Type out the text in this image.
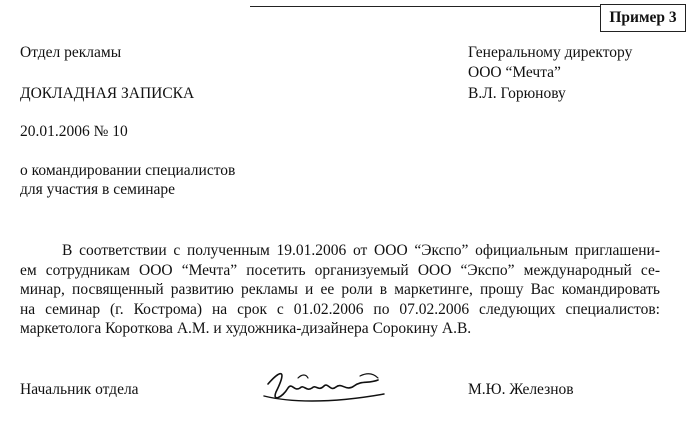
Пример 3
Отдел рекламы
ДОКЛАДНАЯ ЗАПИСКА
20.01.2006 № 10
о командировании специалистов
для участия в семинаре
Генеральному директору
ООО “Мечта”
В.Л. Горюнову
В соответствии с полученным 19.01.2006 от ООО “Экспо” официальным приглашени-
ем сотрудникам ООО “Мечта” посетить организуемый ООО “Экспо” международный се-
минар, посвященный развитию рекламы и ее роли в маркетинге, прошу Вас командировать
на семинар (г. Кострома) на срок с 01.02.2006 по 07.02.2006 следующих специалистов:
маркетолога Короткова А.М. и художника-дизайнера Сорокину А.В.
Начальник отдела	М.Ю. Железнов
